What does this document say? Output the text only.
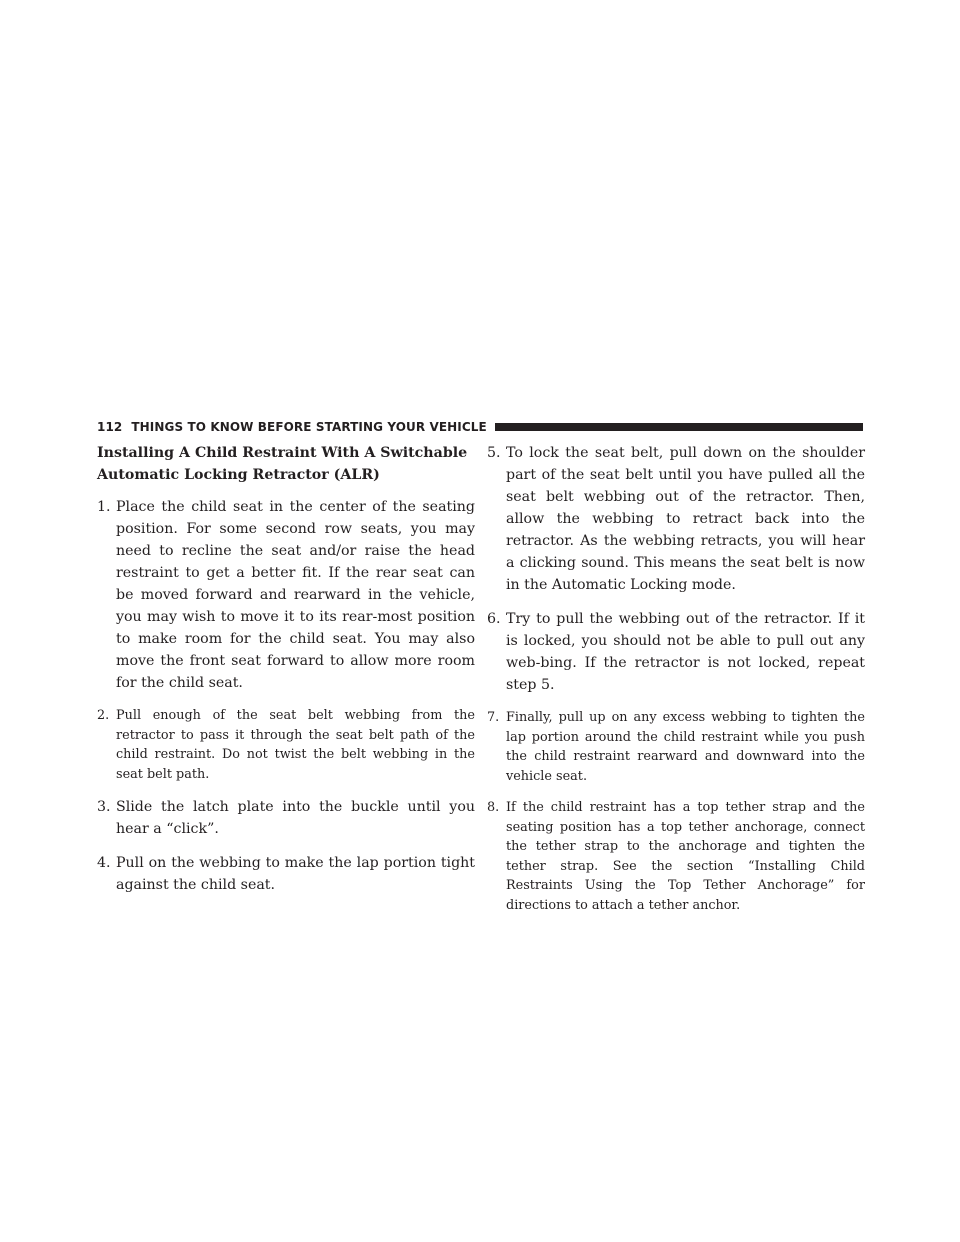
112 THINGS TO KNOW BEFORE STARTING YOUR VEHICLE
Installing A Child Restraint With A Switchable
Automatic Locking Retractor (ALR)
1. Place the child seat in the center of the seating position. For some second row seats, you may need to recline the seat and/or raise the head restraint to get a better fit. If the rear seat can be moved forward and rearward in the vehicle, you may wish to move it to its rear-most position to make room for the child seat. You may also move the front seat forward to allow more room for the child seat.
2. Pull enough of the seat belt webbing from the retractor to pass it through the seat belt path of the child restraint. Do not twist the belt webbing in the seat belt path.
3. Slide the latch plate into the buckle until you hear a “click”.
4. Pull on the webbing to make the lap portion tight against the child seat.
5. To lock the seat belt, pull down on the shoulder part of the seat belt until you have pulled all the seat belt webbing out of the retractor. Then, allow the webbing to retract back into the retractor. As the webbing retracts, you will hear a clicking sound. This means the seat belt is now in the Automatic Locking mode.
6. Try to pull the webbing out of the retractor. If it is locked, you should not be able to pull out any web-bing. If the retractor is not locked, repeat step 5.
7. Finally, pull up on any excess webbing to tighten the lap portion around the child restraint while you push the child restraint rearward and downward into the vehicle seat.
8. If the child restraint has a top tether strap and the seating position has a top tether anchorage, connect the tether strap to the anchorage and tighten the tether strap. See the section “Installing Child Restraints Using the Top Tether Anchorage” for directions to attach a tether anchor.
